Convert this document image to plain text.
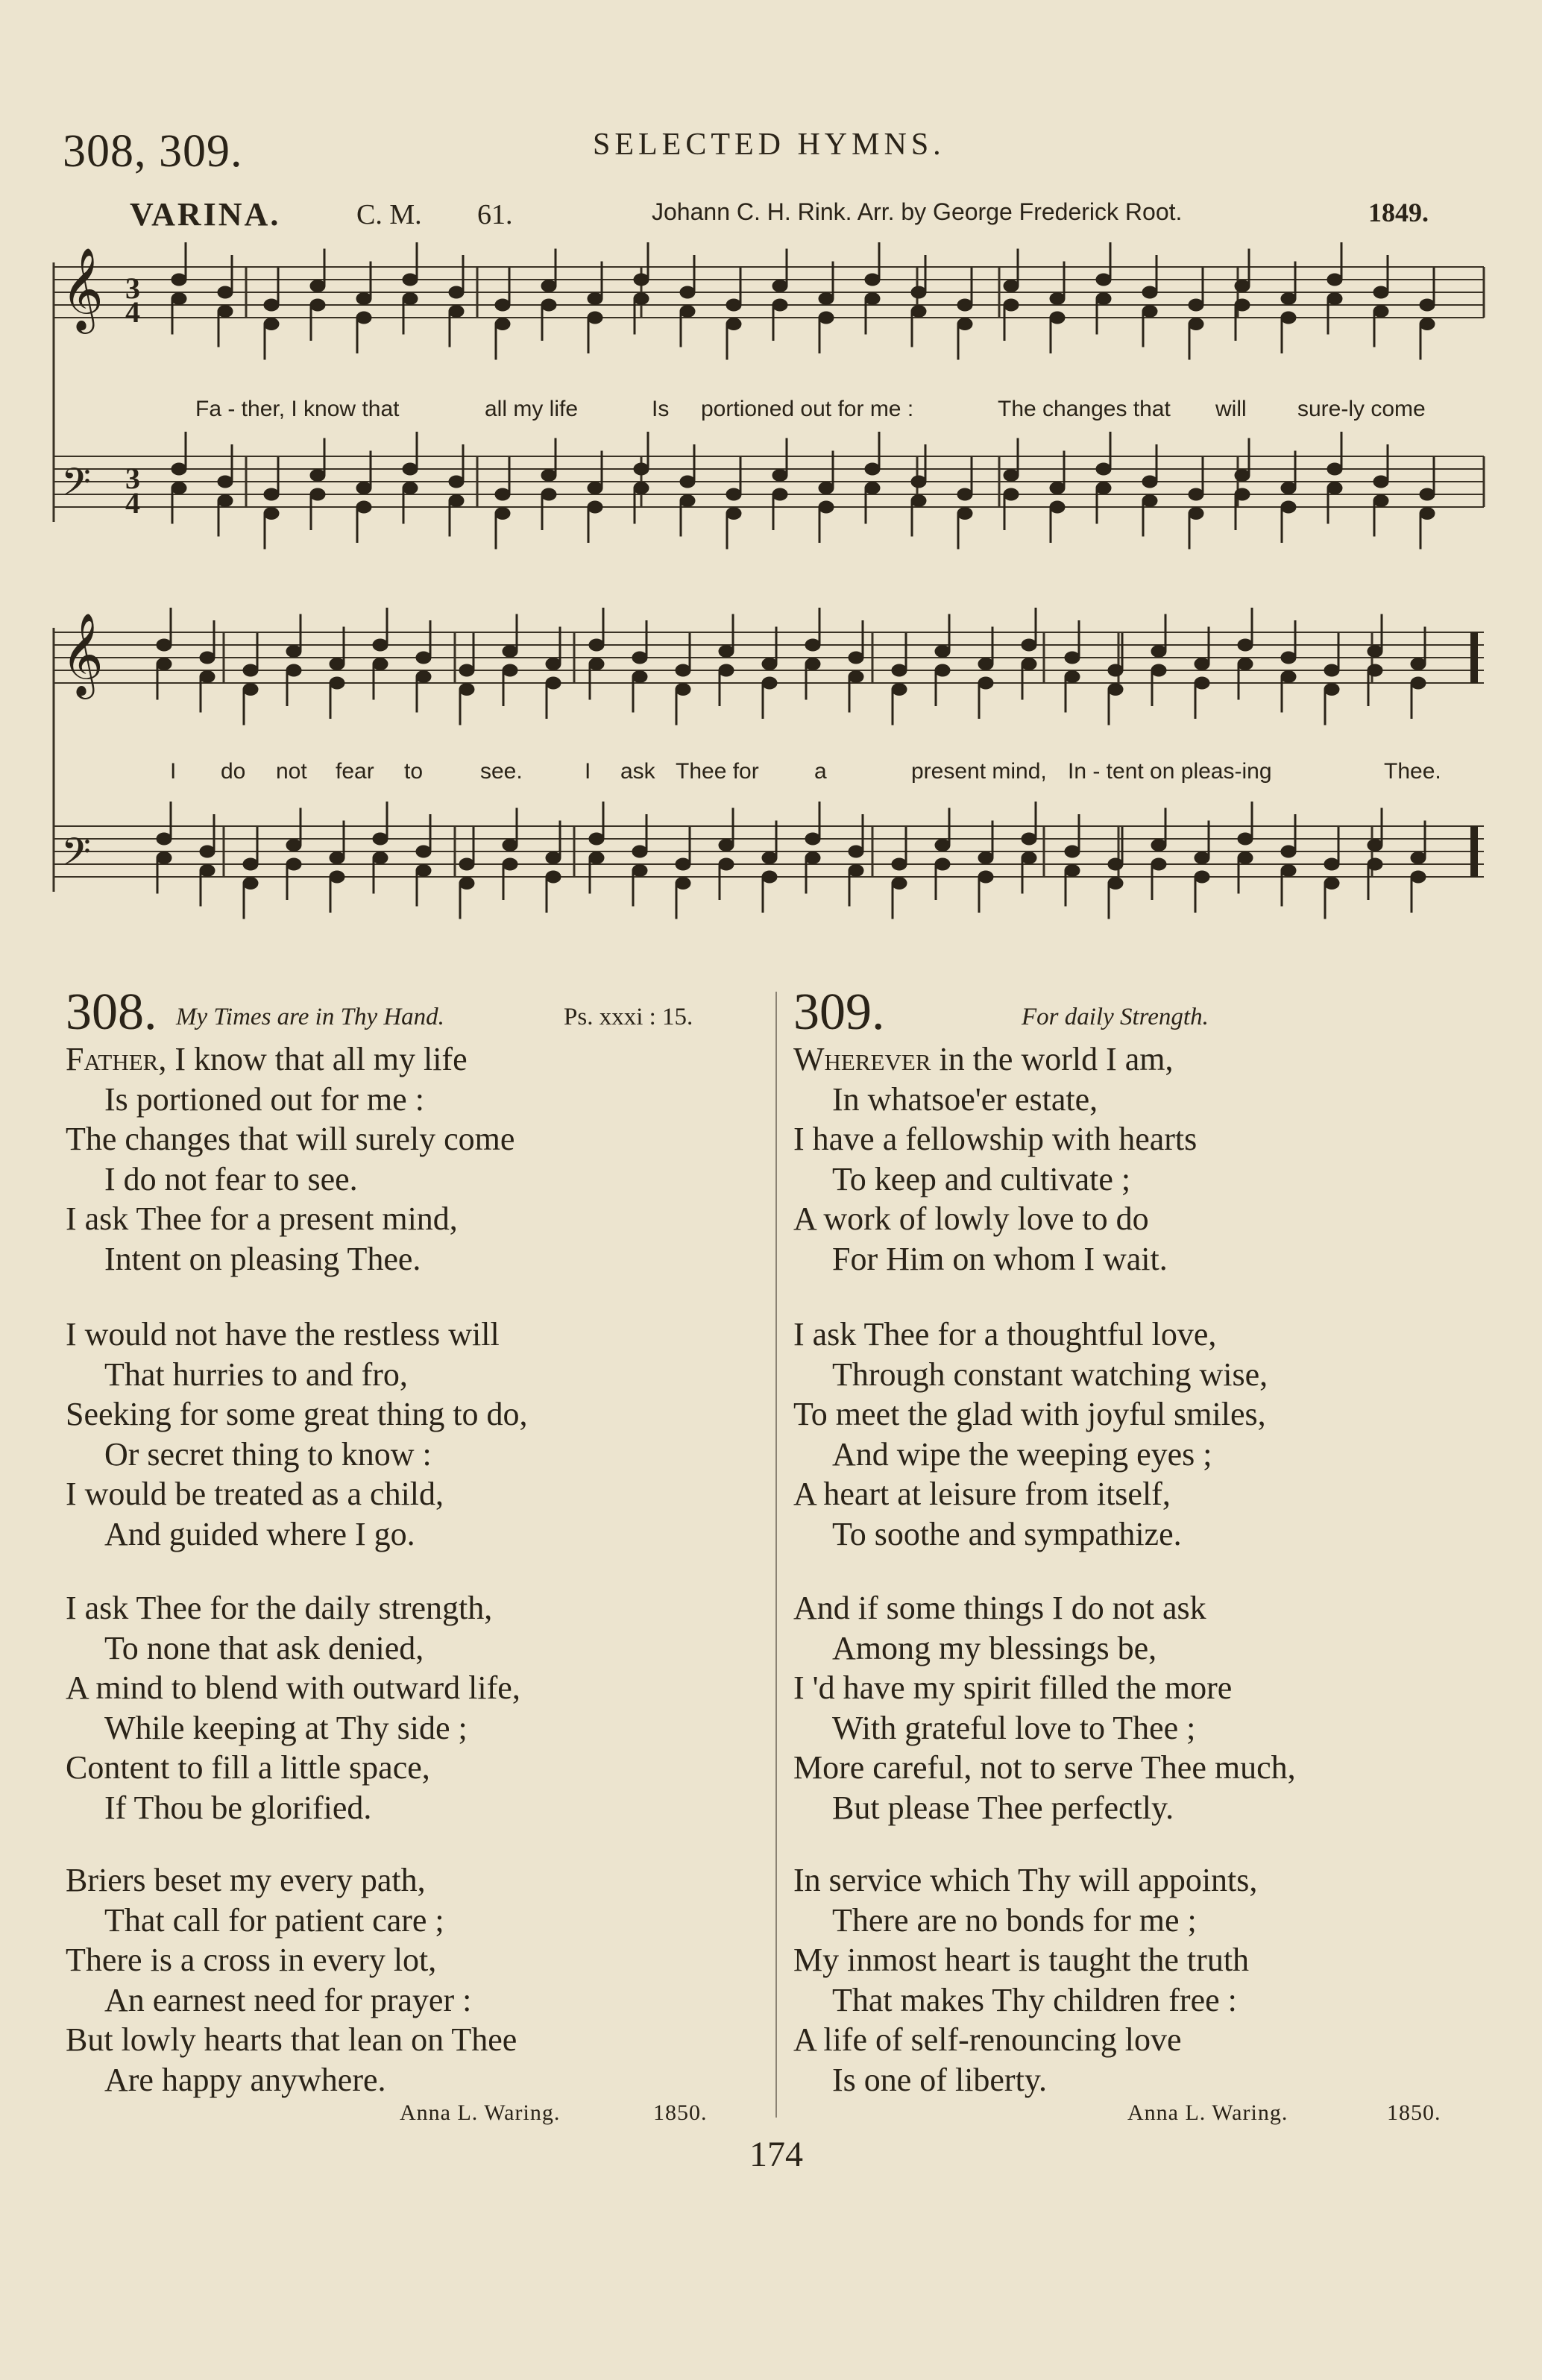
308, 309.	SELECTED HYMNS.
VARINA.	C. M. 61.	Johann C. H. Rink. Arr. by George Frederick Root.	1849.
𝄞
𝄢
𝄞
𝄢
3
4
3
4
Fa - ther, I know that	all my life	Is portioned out for me :	The changes that will sure-ly come
I do not fear to	see.	I ask Thee for a	present mind, In - tent on pleas-ing	Thee.
308. My Times are in Thy Hand.	Ps. xxxi : 15.
Father, I know that all my life
Is portioned out for me :
The changes that will surely come
I do not fear to see.
I ask Thee for a present mind,
Intent on pleasing Thee.
I would not have the restless will
That hurries to and fro,
Seeking for some great thing to do,
Or secret thing to know :
I would be treated as a child,
And guided where I go.
I ask Thee for the daily strength,
To none that ask denied,
A mind to blend with outward life,
While keeping at Thy side ;
Content to fill a little space,
If Thou be glorified.
Briers beset my every path,
That call for patient care ;
There is a cross in every lot,
An earnest need for prayer :
But lowly hearts that lean on Thee
Are happy anywhere.
Anna L. Waring.	1850.
309.	For daily Strength.
Wherever in the world I am,
In whatsoe'er estate,
I have a fellowship with hearts
To keep and cultivate ;
A work of lowly love to do
For Him on whom I wait.
I ask Thee for a thoughtful love,
Through constant watching wise,
To meet the glad with joyful smiles,
And wipe the weeping eyes ;
A heart at leisure from itself,
To soothe and sympathize.
And if some things I do not ask
Among my blessings be,
I 'd have my spirit filled the more
With grateful love to Thee ;
More careful, not to serve Thee much,
But please Thee perfectly.
In service which Thy will appoints,
There are no bonds for me ;
My inmost heart is taught the truth
That makes Thy children free :
A life of self-renouncing love
Is one of liberty.
Anna L. Waring.	1850.
174
